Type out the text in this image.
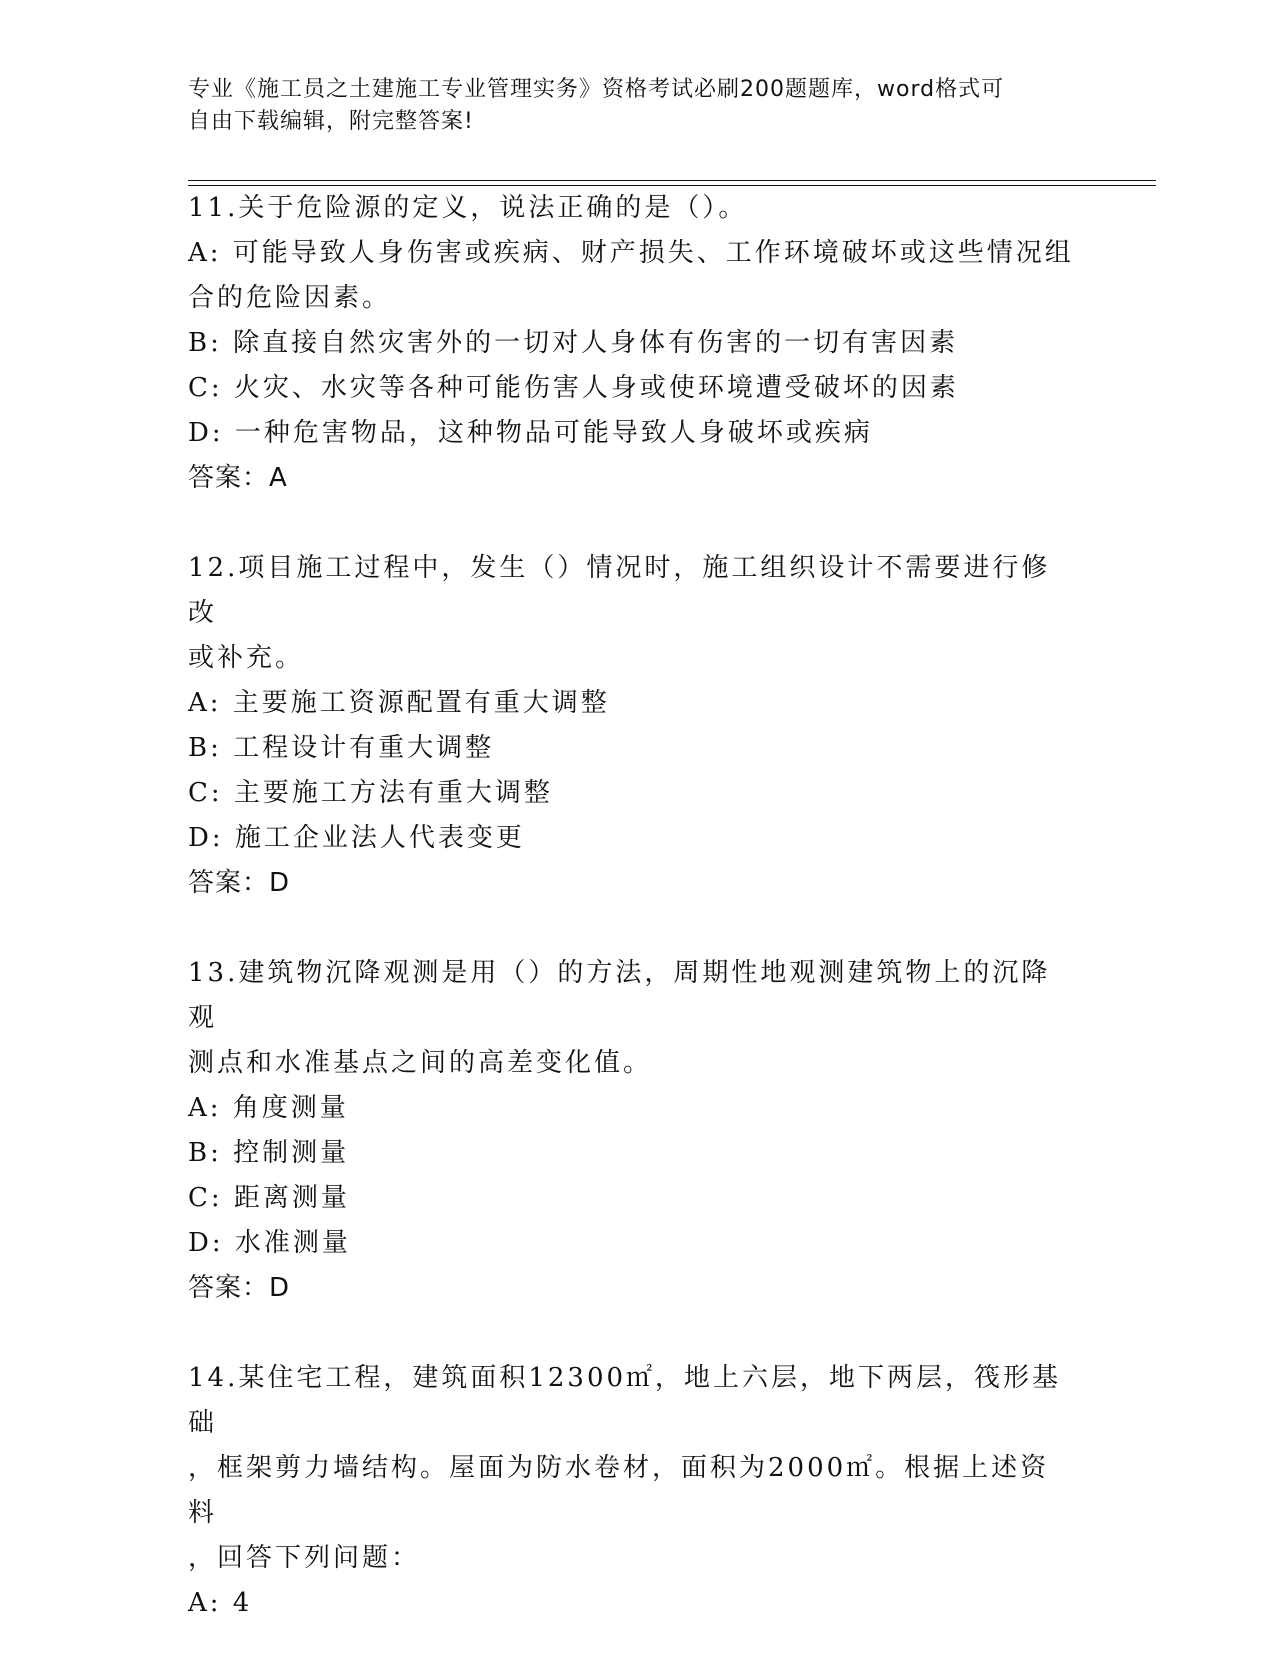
专业《施工员之土建施工专业管理实务》资格考试必刷200题题库，word格式可
自由下载编辑，附完整答案!
11.关于危险源的定义，说法正确的是（）。
A: 可能导致人身伤害或疾病、财产损失、工作环境破坏或这些情况组
合的危险因素。
B: 除直接自然灾害外的一切对人身体有伤害的一切有害因素
C: 火灾、水灾等各种可能伤害人身或使环境遭受破坏的因素
D: 一种危害物品，这种物品可能导致人身破坏或疾病
答案：A
12.项目施工过程中，发生（）情况时，施工组织设计不需要进行修改
或补充。
A: 主要施工资源配置有重大调整
B: 工程设计有重大调整
C: 主要施工方法有重大调整
D: 施工企业法人代表变更
答案：D
13.建筑物沉降观测是用（）的方法，周期性地观测建筑物上的沉降观
测点和水准基点之间的高差变化值。
A: 角度测量
B: 控制测量
C: 距离测量
D: 水准测量
答案：D
14.某住宅工程，建筑面积12300㎡，地上六层，地下两层，筏形基础
，框架剪力墙结构。屋面为防水卷材，面积为2000㎡。根据上述资料
，回答下列问题：
A: 4
